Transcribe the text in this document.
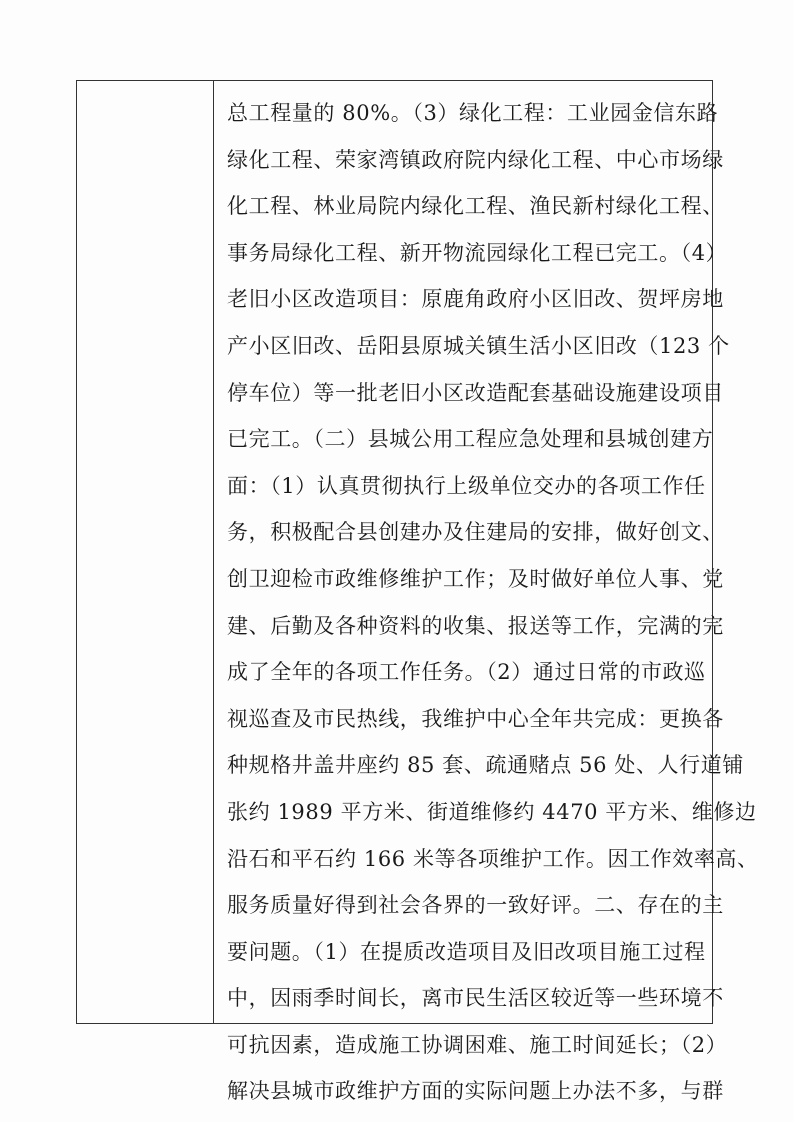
总工程量的 80%。（3）绿化工程：工业园金信东路
绿化工程、荣家湾镇政府院内绿化工程、中心市场绿
化工程、林业局院内绿化工程、渔民新村绿化工程、
事务局绿化工程、新开物流园绿化工程已完工。（4）
老旧小区改造项目：原鹿角政府小区旧改、贺坪房地
产小区旧改、岳阳县原城关镇生活小区旧改（123 个
停车位）等一批老旧小区改造配套基础设施建设项目
已完工。（二）县城公用工程应急处理和县城创建方
面：（1）认真贯彻执行上级单位交办的各项工作任
务，积极配合县创建办及住建局的安排，做好创文、
创卫迎检市政维修维护工作；及时做好单位人事、党
建、后勤及各种资料的收集、报送等工作，完满的完
成了全年的各项工作任务。（2）通过日常的市政巡
视巡查及市民热线，我维护中心全年共完成：更换各
种规格井盖井座约 85 套、疏通赌点 56 处、人行道铺
张约 1989 平方米、街道维修约 4470 平方米、维修边
沿石和平石约 166 米等各项维护工作。因工作效率高、
服务质量好得到社会各界的一致好评。二、存在的主
要问题。（1）在提质改造项目及旧改项目施工过程
中，因雨季时间长，离市民生活区较近等一些环境不
可抗因素，造成施工协调困难、施工时间延长；（2）
解决县城市政维护方面的实际问题上办法不多，与群
